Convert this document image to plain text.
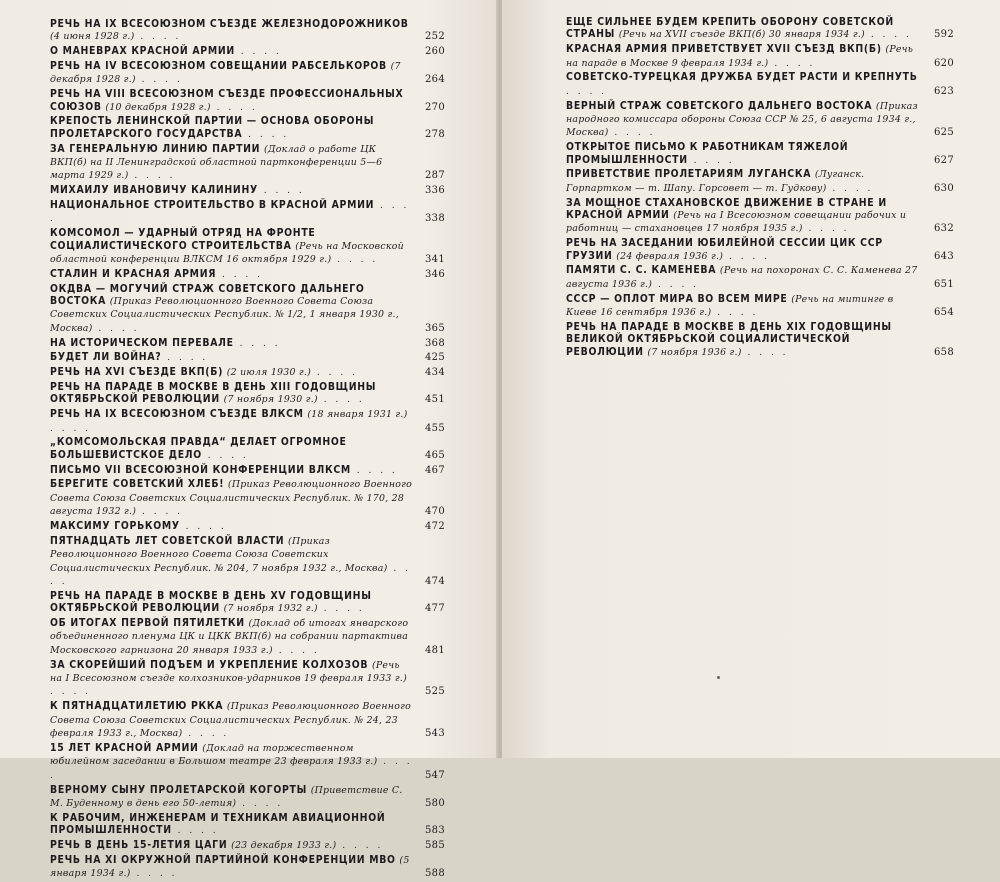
РЕЧЬ НА IX ВСЕСОЮЗНОМ СЪЕЗДЕ ЖЕЛЕЗНОДОРОЖНИКОВ (4 июня 1928 г.) . . . .	252
О МАНЕВРАХ КРАСНОЙ АРМИИ . . . .	260
РЕЧЬ НА IV ВСЕСОЮЗНОМ СОВЕЩАНИИ РАБСЕЛЬКОРОВ (7 декабря 1928 г.) . . . .	264
РЕЧЬ НА VIII ВСЕСОЮЗНОМ СЪЕЗДЕ ПРОФЕССИОНАЛЬНЫХ СОЮЗОВ (10 декабря 1928 г.) . . . .	270
КРЕПОСТЬ ЛЕНИНСКОЙ ПАРТИИ — ОСНОВА ОБОРОНЫ ПРОЛЕТАРСКОГО ГОСУДАРСТВА . . . .	278
ЗА ГЕНЕРАЛЬНУЮ ЛИНИЮ ПАРТИИ (Доклад о работе ЦК ВКП(б) на II Ленинградской областной партконференции 5—6 марта 1929 г.) . . . .	287
МИХАИЛУ ИВАНОВИЧУ КАЛИНИНУ . . . .	336
НАЦИОНАЛЬНОЕ СТРОИТЕЛЬСТВО В КРАСНОЙ АРМИИ . . . .	338
КОМСОМОЛ — УДАРНЫЙ ОТРЯД НА ФРОНТЕ СОЦИАЛИСТИЧЕСКОГО СТРОИТЕЛЬСТВА (Речь на Московской областной конференции ВЛКСМ 16 октября 1929 г.) . . . .	341
СТАЛИН И КРАСНАЯ АРМИЯ . . . .	346
ОКДВА — МОГУЧИЙ СТРАЖ СОВЕТСКОГО ДАЛЬНЕГО ВОСТОКА (Приказ Революционного Военного Совета Союза Советских Социалистических Республик. № 1/2, 1 января 1930 г., Москва) . . . .	365
НА ИСТОРИЧЕСКОМ ПЕРЕВАЛЕ . . . .	368
БУДЕТ ЛИ ВОЙНА? . . . .	425
РЕЧЬ НА XVI СЪЕЗДЕ ВКП(Б) (2 июля 1930 г.) . . . .	434
РЕЧЬ НА ПАРАДЕ В МОСКВЕ В ДЕНЬ XIII ГОДОВЩИНЫ ОКТЯБРЬСКОЙ РЕВОЛЮЦИИ (7 ноября 1930 г.) . . . .	451
РЕЧЬ НА IX ВСЕСОЮЗНОМ СЪЕЗДЕ ВЛКСМ (18 января 1931 г.) . . . .	455
„КОМСОМОЛЬСКАЯ ПРАВДА“ ДЕЛАЕТ ОГРОМНОЕ БОЛЬШЕВИСТСКОЕ ДЕЛО . . . .	465
ПИСЬМО VII ВСЕСОЮЗНОЙ КОНФЕРЕНЦИИ ВЛКСМ . . . .	467
БЕРЕГИТЕ СОВЕТСКИЙ ХЛЕБ! (Приказ Революционного Военного Совета Союза Советских Социалистических Республик. № 170, 28 августа 1932 г.) . . . .	470
МАКСИМУ ГОРЬКОМУ . . . .	472
ПЯТНАДЦАТЬ ЛЕТ СОВЕТСКОЙ ВЛАСТИ (Приказ Революционного Военного Совета Союза Советских Социалистических Республик. № 204, 7 ноября 1932 г., Москва) . . . .	474
РЕЧЬ НА ПАРАДЕ В МОСКВЕ В ДЕНЬ XV ГОДОВЩИНЫ ОКТЯБРЬСКОЙ РЕВОЛЮЦИИ (7 ноября 1932 г.) . . . .	477
ОБ ИТОГАХ ПЕРВОЙ ПЯТИЛЕТКИ (Доклад об итогах январского объединенного пленума ЦК и ЦКК ВКП(б) на собрании партактива Московского гарнизона 20 января 1933 г.) . . . .	481
ЗА СКОРЕЙШИЙ ПОДЪЕМ И УКРЕПЛЕНИЕ КОЛХОЗОВ (Речь на I Всесоюзном съезде колхозников-ударников 19 февраля 1933 г.) . . . .	525
К ПЯТНАДЦАТИЛЕТИЮ РККА (Приказ Революционного Военного Совета Союза Советских Социалистических Республик. № 24, 23 февраля 1933 г., Москва) . . . .	543
15 ЛЕТ КРАСНОЙ АРМИИ (Доклад на торжественном юбилейном заседании в Большом театре 23 февраля 1933 г.) . . . .	547
ВЕРНОМУ СЫНУ ПРОЛЕТАРСКОЙ КОГОРТЫ (Приветствие С. М. Буденному в день его 50-летия) . . . .	580
К РАБОЧИМ, ИНЖЕНЕРАМ И ТЕХНИКАМ АВИАЦИОННОЙ ПРОМЫШЛЕННОСТИ . . . .	583
РЕЧЬ В ДЕНЬ 15-ЛЕТИЯ ЦАГИ (23 декабря 1933 г.) . . . .	585
РЕЧЬ НА XI ОКРУЖНОЙ ПАРТИЙНОЙ КОНФЕРЕНЦИИ МВО (5 января 1934 г.) . . . .	588
ЕЩЕ СИЛЬНЕЕ БУДЕМ КРЕПИТЬ ОБОРОНУ СОВЕТСКОЙ СТРАНЫ (Речь на XVII съезде ВКП(б) 30 января 1934 г.) . . . . 592
КРАСНАЯ АРМИЯ ПРИВЕТСТВУЕТ XVII СЪЕЗД ВКП(Б) (Речь на параде в Москве 9 февраля 1934 г.) . . . .	620
СОВЕТСКО-ТУРЕЦКАЯ ДРУЖБА БУДЕТ РАСТИ И КРЕПНУТЬ . . . .	623
ВЕРНЫЙ СТРАЖ СОВЕТСКОГО ДАЛЬНЕГО ВОСТОКА (Приказ народного комиссара обороны Союза ССР № 25, 6 августа 1934 г., Москва) . . . .	625
ОТКРЫТОЕ ПИСЬМО К РАБОТНИКАМ ТЯЖЕЛОЙ ПРОМЫШЛЕННОСТИ . . . .	627
ПРИВЕТСТВИЕ ПРОЛЕТАРИЯМ ЛУГАНСКА (Луганск. Горпартком — т. Шапу. Горсовет — т. Гудкову) . . . .	630
ЗА МОЩНОЕ СТАХАНОВСКОЕ ДВИЖЕНИЕ В СТРАНЕ И КРАСНОЙ АРМИИ (Речь на I Всесоюзном совещании рабочих и работниц — стахановцев 17 ноября 1935 г.) . . . .	632
РЕЧЬ НА ЗАСЕДАНИИ ЮБИЛЕЙНОЙ СЕССИИ ЦИК ССР ГРУЗИИ (24 февраля 1936 г.) . . . .	643
ПАМЯТИ С. С. КАМЕНЕВА (Речь на похоронах С. С. Каменева 27 августа 1936 г.) . . . .	651
СССР — ОПЛОТ МИРА ВО ВСЕМ МИРЕ (Речь на митинге в Киеве 16 сентября 1936 г.) . . . .	654
РЕЧЬ НА ПАРАДЕ В МОСКВЕ В ДЕНЬ XIX ГОДОВЩИНЫ ВЕЛИКОЙ ОКТЯБРЬСКОЙ СОЦИАЛИСТИЧЕСКОЙ РЕВОЛЮЦИИ (7 ноября 1936 г.) . . . .	658
